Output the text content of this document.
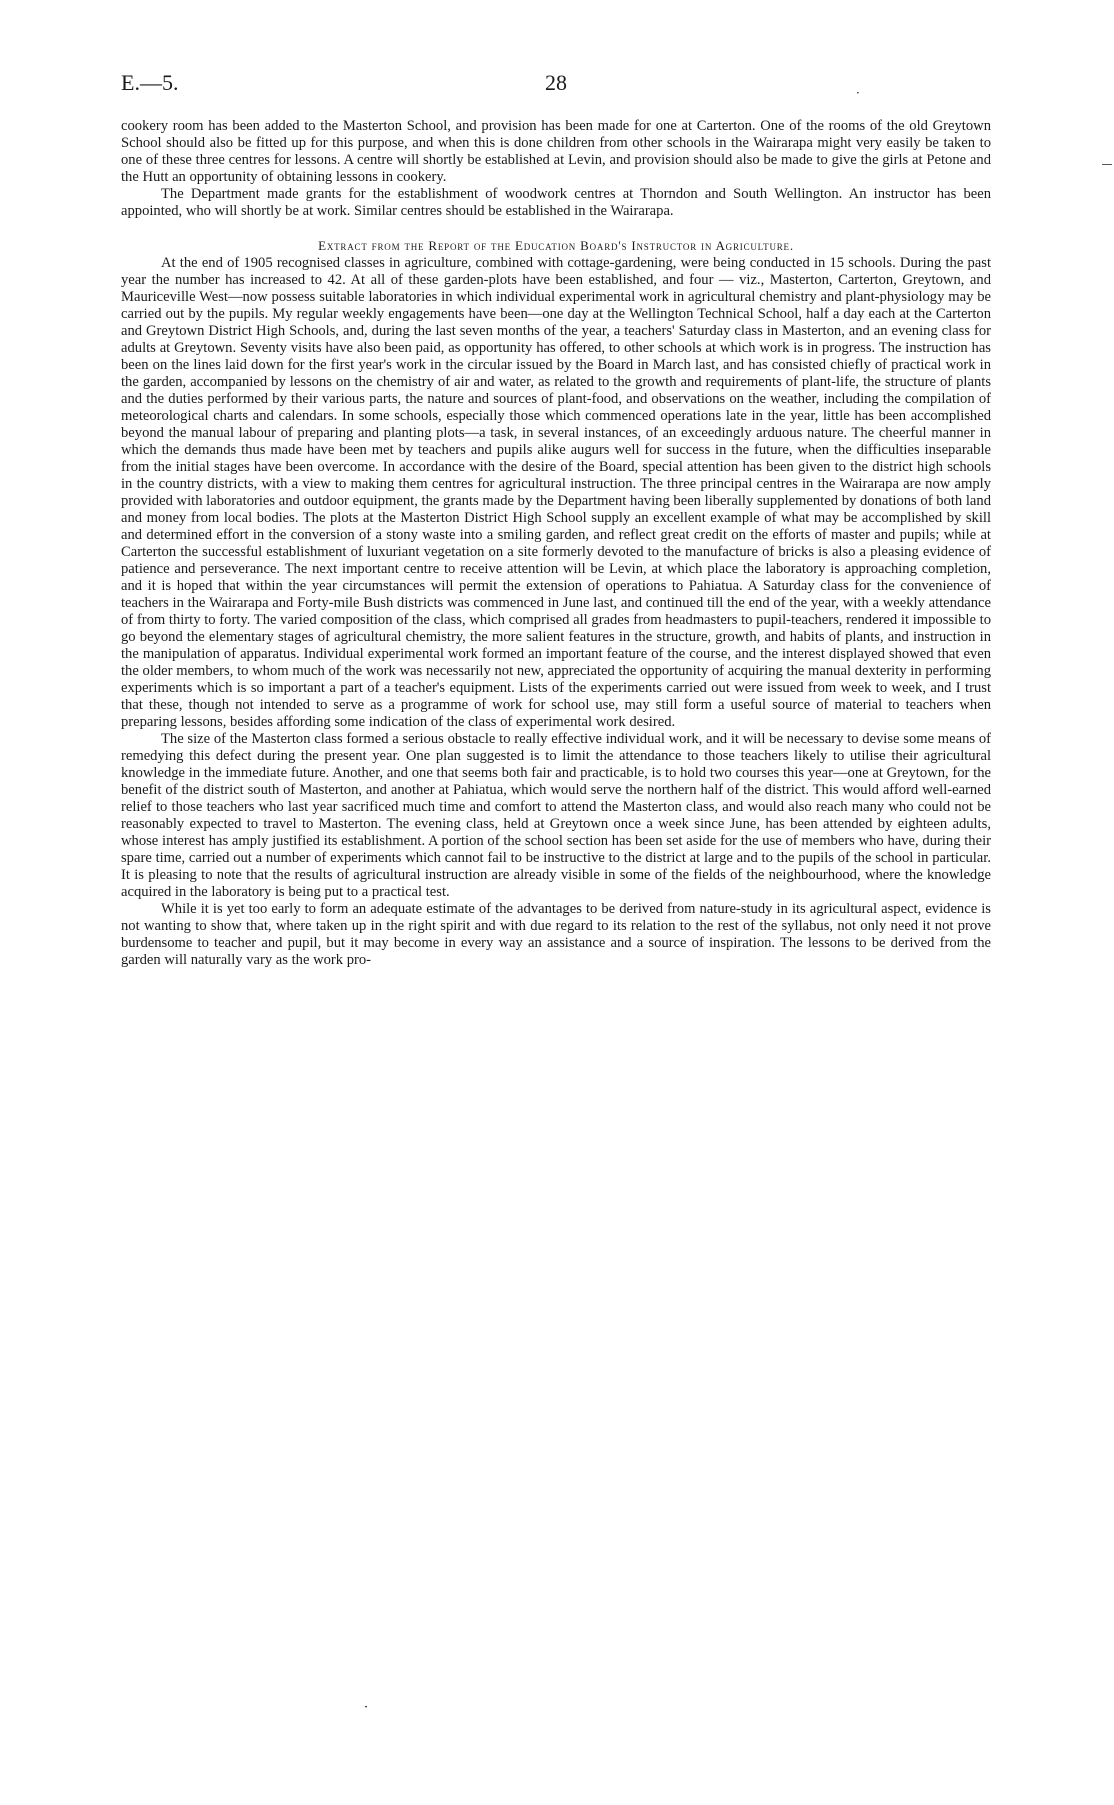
E.—5.	28	·

cookery room has been added to the Masterton School, and provision has been made for one at Carterton. One of the rooms of the old Greytown School should also be fitted up for this purpose, and when this is done children from other schools in the Wairarapa might very easily be taken to one of these three centres for lessons. A centre will shortly be established at Levin, and provision should also be made to give the girls at Petone and the Hutt an opportunity of obtaining lessons in cookery.

The Department made grants for the establishment of woodwork centres at Thorndon and South Wellington. An instructor has been appointed, who will shortly be at work. Similar centres should be established in the Wairarapa.

Extract from the Report of the Education Board's Instructor in Agriculture.

At the end of 1905 recognised classes in agriculture, combined with cottage-gardening, were being conducted in 15 schools. During the past year the number has increased to 42. At all of these garden-plots have been established, and four — viz., Masterton, Carterton, Greytown, and Mauriceville West—now possess suitable laboratories in which individual experimental work in agricultural chemistry and plant-physiology may be carried out by the pupils. My regular weekly engagements have been—one day at the Wellington Technical School, half a day each at the Carterton and Greytown District High Schools, and, during the last seven months of the year, a teachers' Saturday class in Masterton, and an evening class for adults at Greytown. Seventy visits have also been paid, as opportunity has offered, to other schools at which work is in progress. The instruction has been on the lines laid down for the first year's work in the circular issued by the Board in March last, and has consisted chiefly of practical work in the garden, accompanied by lessons on the chemistry of air and water, as related to the growth and requirements of plant-life, the structure of plants and the duties performed by their various parts, the nature and sources of plant-food, and observations on the weather, including the compilation of meteorological charts and calendars. In some schools, especially those which commenced operations late in the year, little has been accomplished beyond the manual labour of preparing and planting plots—a task, in several instances, of an exceedingly arduous nature. The cheerful manner in which the demands thus made have been met by teachers and pupils alike augurs well for success in the future, when the difficulties inseparable from the initial stages have been overcome. In accordance with the desire of the Board, special attention has been given to the district high schools in the country districts, with a view to making them centres for agricultural instruction. The three principal centres in the Wairarapa are now amply provided with laboratories and outdoor equipment, the grants made by the Department having been liberally supplemented by donations of both land and money from local bodies. The plots at the Masterton District High School supply an excellent example of what may be accomplished by skill and determined effort in the conversion of a stony waste into a smiling garden, and reflect great credit on the efforts of master and pupils; while at Carterton the successful establishment of luxuriant vegetation on a site formerly devoted to the manufacture of bricks is also a pleasing evidence of patience and perseverance. The next important centre to receive attention will be Levin, at which place the laboratory is approaching completion, and it is hoped that within the year circumstances will permit the extension of operations to Pahiatua. A Saturday class for the convenience of teachers in the Wairarapa and Forty-mile Bush districts was commenced in June last, and continued till the end of the year, with a weekly attendance of from thirty to forty. The varied composition of the class, which comprised all grades from headmasters to pupil-teachers, rendered it impossible to go beyond the elementary stages of agricultural chemistry, the more salient features in the structure, growth, and habits of plants, and instruction in the manipulation of apparatus. Individual experimental work formed an important feature of the course, and the interest displayed showed that even the older members, to whom much of the work was necessarily not new, appreciated the opportunity of acquiring the manual dexterity in performing experiments which is so important a part of a teacher's equipment. Lists of the experiments carried out were issued from week to week, and I trust that these, though not intended to serve as a programme of work for school use, may still form a useful source of material to teachers when preparing lessons, besides affording some indication of the class of experimental work desired.

The size of the Masterton class formed a serious obstacle to really effective individual work, and it will be necessary to devise some means of remedying this defect during the present year. One plan suggested is to limit the attendance to those teachers likely to utilise their agricultural knowledge in the immediate future. Another, and one that seems both fair and practicable, is to hold two courses this year—one at Greytown, for the benefit of the district south of Masterton, and another at Pahiatua, which would serve the northern half of the district. This would afford well-earned relief to those teachers who last year sacrificed much time and comfort to attend the Masterton class, and would also reach many who could not be reasonably expected to travel to Masterton. The evening class, held at Greytown once a week since June, has been attended by eighteen adults, whose interest has amply justified its establishment. A portion of the school section has been set aside for the use of members who have, during their spare time, carried out a number of experiments which cannot fail to be instructive to the district at large and to the pupils of the school in particular. It is pleasing to note that the results of agricultural instruction are already visible in some of the fields of the neighbourhood, where the knowledge acquired in the laboratory is being put to a practical test.

While it is yet too early to form an adequate estimate of the advantages to be derived from nature-study in its agricultural aspect, evidence is not wanting to show that, where taken up in the right spirit and with due regard to its relation to the rest of the syllabus, not only need it not prove burdensome to teacher and pupil, but it may become in every way an assistance and a source of inspiration. The lessons to be derived from the garden will naturally vary as the work pro-

·
